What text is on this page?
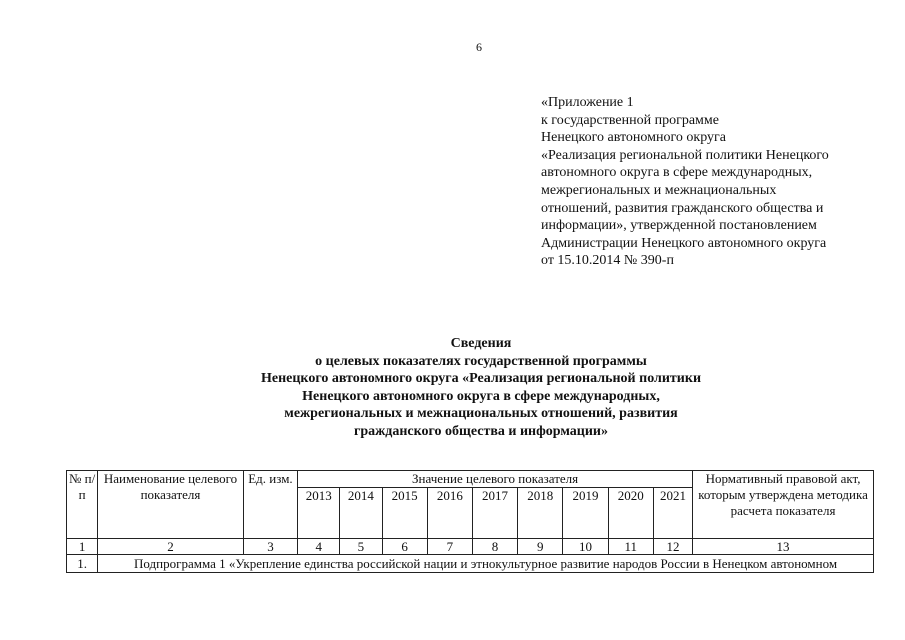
6
«Приложение 1
к государственной программе
Ненецкого автономного округа
«Реализация региональной политики Ненецкого
автономного округа в сфере международных,
межрегиональных и межнациональных
отношений, развития гражданского общества и
информации», утвержденной постановлением
Администрации Ненецкого автономного округа
от 15.10.2014 № 390-п
Сведения
о целевых показателях государственной программы
Ненецкого автономного округа «Реализация региональной политики
Ненецкого автономного округа в сфере международных,
межрегиональных и межнациональных отношений, развития
гражданского общества и информации»
№ п/п	Наименование целевого показателя	Ед. изм.	Значение целевого показателя									Нормативный правовой акт, которым утверждена методика расчета показателя
			2013	2014	2015	2016	2017	2018	2019	2020	2021	
1	2	3	4	5	6	7	8	9	10	11	12	13
1.	Подпрограмма 1 «Укрепление единства российской нации и этнокультурное развитие народов России в Ненецком автономном											
